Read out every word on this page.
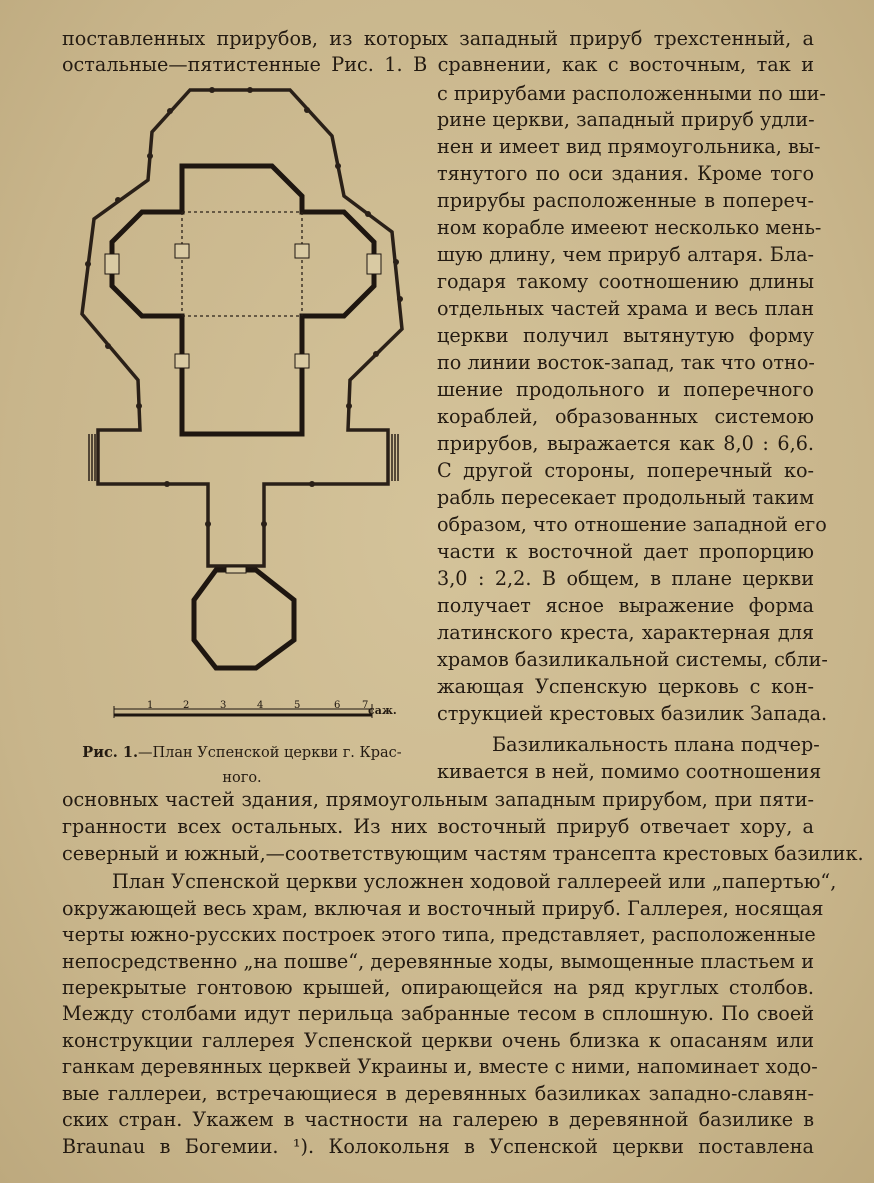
поставленных прирубов, из которых западный прируб трехстенный, а
остальные—пятистенные Рис. 1. В сравнении, как с восточным, так и
с прирубами расположенными по ши-
рине церкви, западный прируб удли-
нен и имеет вид прямоугольника, вы-
тянутого по оси здания. Кроме того
прирубы расположенные в попереч-
ном корабле имееют несколько мень-
шую длину, чем прируб алтаря. Бла-
годаря такому соотношению длины
отдельных частей храма и весь план
церкви получил вытянутую форму
по линии восток-запад, так что отно-
шение продольного и поперечного
кораблей, образованных системою
прирубов, выражается как 8,0 : 6,6.
С другой стороны, поперечный ко-
рабль пересекает продольный таким
образом, что отношение западной его
части к восточной дает пропорцию
3,0 : 2,2. В общем, в плане церкви
получает ясное выражение форма
латинского креста, характерная для
храмов базиликальной системы, сбли-
жающая Успенскую церковь с кон-
струкцией крестовых базилик Запада.
Базиликальность плана подчер-
кивается в ней, помимо соотношения
1	2	3	4	5	6 7 саж.
Рис. 1.—План Успенской церкви г. Крас-
ного.
основных частей здания, прямоугольным западным прирубом, при пяти-
гранности всех остальных. Из них восточный прируб отвечает хору, а
северный и южный,—соответствующим частям трансепта крестовых базилик.
План Успенской церкви усложнен ходовой галлереей или „папертью“,
окружающей весь храм, включая и восточный прируб. Галлерея, носящая
черты южно-русских построек этого типа, представляет, расположенные
непосредственно „на пошве“, деревянные ходы, вымощенные пластьем и
перекрытые гонтовою крышей, опирающейся на ряд круглых столбов.
Между столбами идут перильца забранные тесом в сплошную. По своей
конструкции галлерея Успенской церкви очень близка к опасаням или
ганкам деревянных церквей Украины и, вместе с ними, напоминает ходо-
вые галлереи, встречающиеся в деревянных базиликах западно-славян-
ских стран. Укажем в частности на галерею в деревянной базилике в
Braunau в Богемии. ¹). Колокольня в Успенской церкви поставлена
